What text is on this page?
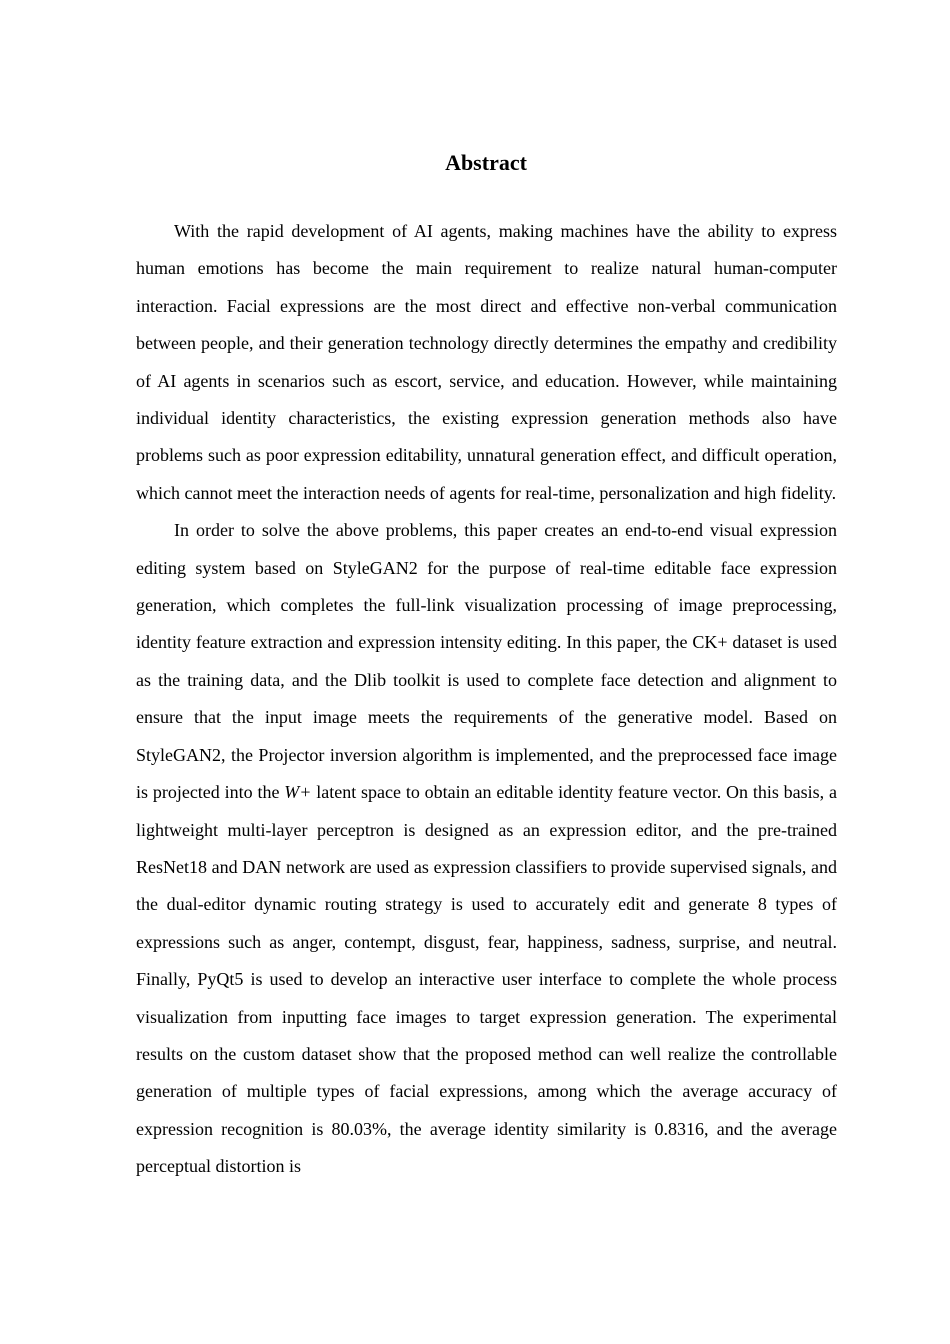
Abstract

With the rapid development of AI agents, making machines have the ability to express human emotions has become the main requirement to realize natural human-computer interaction. Facial expressions are the most direct and effective non-verbal communication between people, and their generation technology directly determines the empathy and credibility of AI agents in scenarios such as escort, service, and education. However, while maintaining individual identity characteristics, the existing expression generation methods also have problems such as poor expression editability, unnatural generation effect, and difficult operation, which cannot meet the interaction needs of agents for real-time, personalization and high fidelity.

In order to solve the above problems, this paper creates an end-to-end visual expression editing system based on StyleGAN2 for the purpose of real-time editable face expression generation, which completes the full-link visualization processing of image preprocessing, identity feature extraction and expression intensity editing. In this paper, the CK+ dataset is used as the training data, and the Dlib toolkit is used to complete face detection and alignment to ensure that the input image meets the requirements of the generative model. Based on StyleGAN2, the Projector inversion algorithm is implemented, and the preprocessed face image is projected into the W+ latent space to obtain an editable identity feature vector. On this basis, a lightweight multi-layer perceptron is designed as an expression editor, and the pre-trained ResNet18 and DAN network are used as expression classifiers to provide supervised signals, and the dual-editor dynamic routing strategy is used to accurately edit and generate 8 types of expressions such as anger, contempt, disgust, fear, happiness, sadness, surprise, and neutral. Finally, PyQt5 is used to develop an interactive user interface to complete the whole process visualization from inputting face images to target expression generation. The experimental results on the custom dataset show that the proposed method can well realize the controllable generation of multiple types of facial expressions, among which the average accuracy of expression recognition is 80.03%, the average identity similarity is 0.8316, and the average perceptual distortion is
